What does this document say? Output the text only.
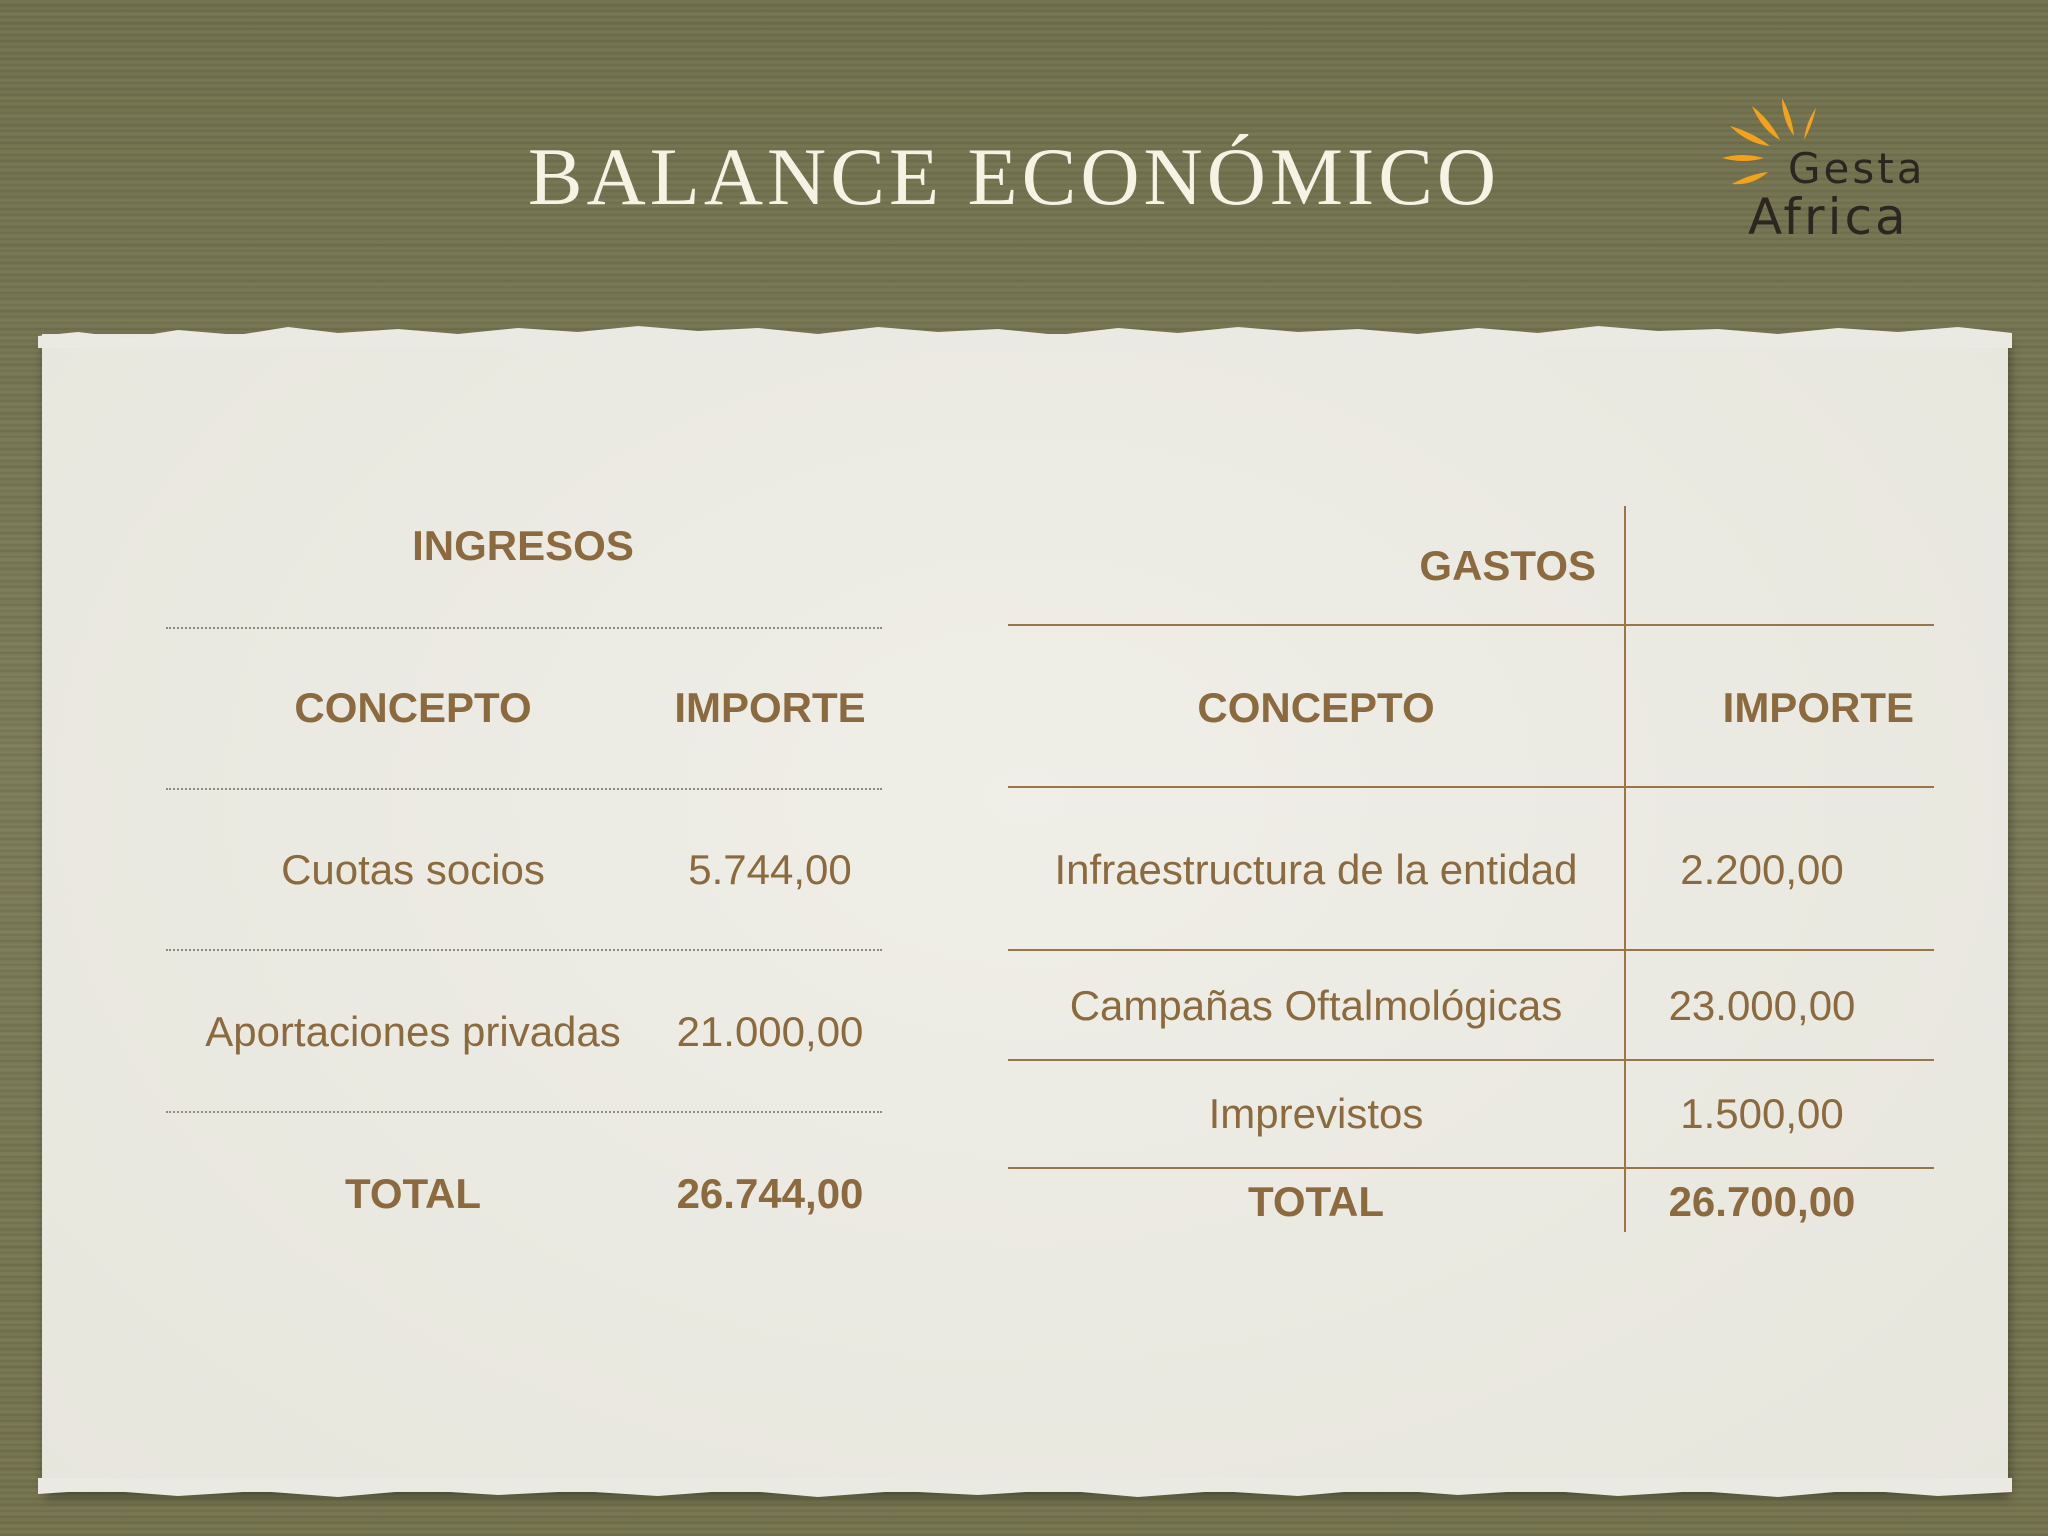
BALANCE ECONÓMICO	Gesta
Africa
INGRESOS
CONCEPTO	IMPORTE
Cuotas socios	5.744,00
Aportaciones privadas	21.000,00
TOTAL	26.744,00
GASTOS
CONCEPTO	IMPORTE
Infraestructura de la entidad	2.200,00
Campañas Oftalmológicas	23.000,00
Imprevistos	1.500,00
TOTAL	26.700,00
